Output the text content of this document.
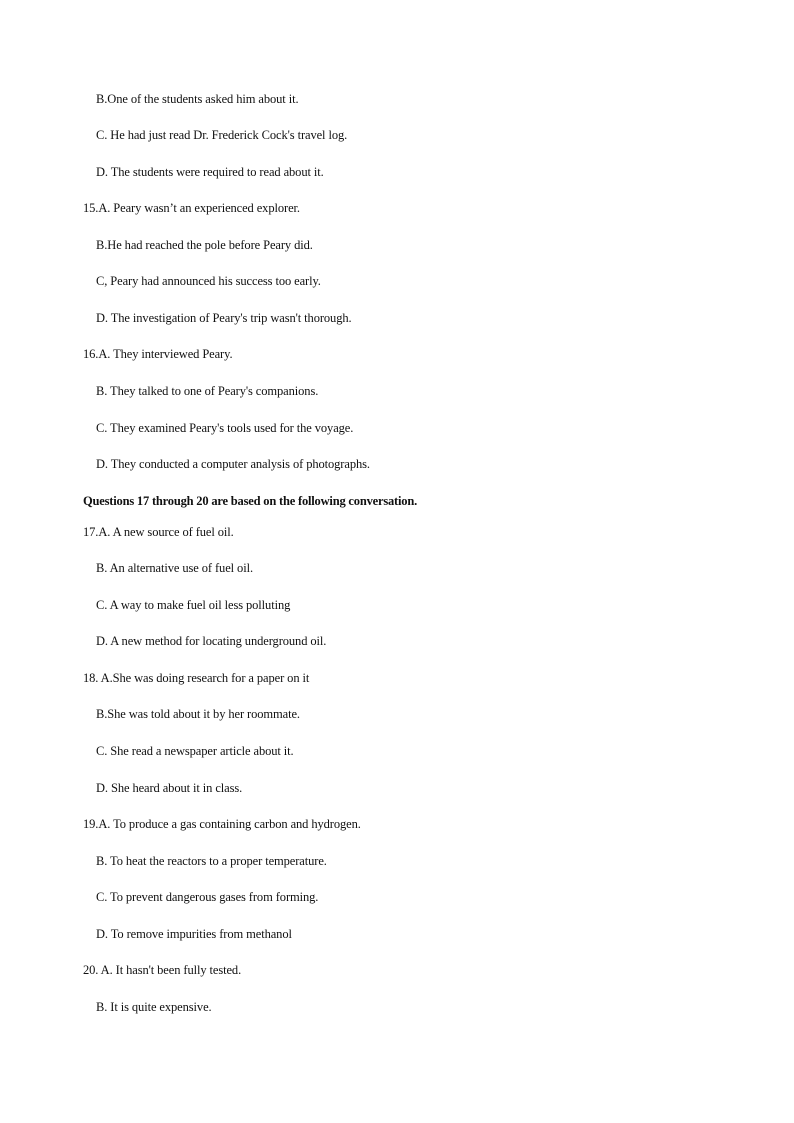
B.One of the students asked him about it.
C. He had just read Dr. Frederick Cock's travel log.
D. The students were required to read about it.
15.A. Peary wasn’t an experienced explorer.
B.He had reached the pole before Peary did.
C, Peary had announced his success too early.
D. The investigation of Peary's trip wasn't thorough.
16.A. They interviewed Peary.
B. They talked to one of Peary's companions.
C. They examined Peary's tools used for the voyage.
D. They conducted a computer analysis of photographs.
Questions 17 through 20 are based on the following conversation.
17.A. A new source of fuel oil.
B. An alternative use of fuel oil.
C. A way to make fuel oil less polluting
D. A new method for locating underground oil.
18. A.She was doing research for a paper on it
B.She was told about it by her roommate.
C. She read a newspaper article about it.
D. She heard about it in class.
19.A. To produce a gas containing carbon and hydrogen.
B. To heat the reactors to a proper temperature.
C. To prevent dangerous gases from forming.
D. To remove impurities from methanol
20. A. It hasn't been fully tested.
B. It is quite expensive.
